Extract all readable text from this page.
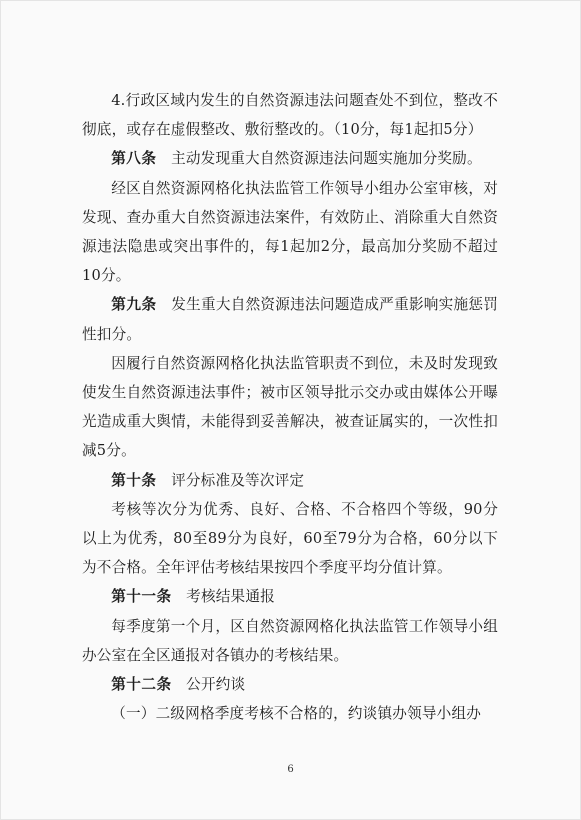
4.行政区域内发生的自然资源违法问题查处不到位，整改不彻底，或存在虚假整改、敷衍整改的。（10分，每1起扣5分）

第八条 主动发现重大自然资源违法问题实施加分奖励。

经区自然资源网格化执法监管工作领导小组办公室审核，对发现、查办重大自然资源违法案件，有效防止、消除重大自然资源违法隐患或突出事件的，每1起加2分，最高加分奖励不超过10分。

第九条 发生重大自然资源违法问题造成严重影响实施惩罚性扣分。

因履行自然资源网格化执法监管职责不到位，未及时发现致使发生自然资源违法事件；被市区领导批示交办或由媒体公开曝光造成重大舆情，未能得到妥善解决，被查证属实的，一次性扣减5分。

第十条 评分标准及等次评定

考核等次分为优秀、良好、合格、不合格四个等级，90分以上为优秀，80至89分为良好，60至79分为合格，60分以下为不合格。全年评估考核结果按四个季度平均分值计算。

第十一条 考核结果通报

每季度第一个月，区自然资源网格化执法监管工作领导小组办公室在全区通报对各镇办的考核结果。

第十二条 公开约谈

（一）二级网格季度考核不合格的，约谈镇办领导小组办

6
